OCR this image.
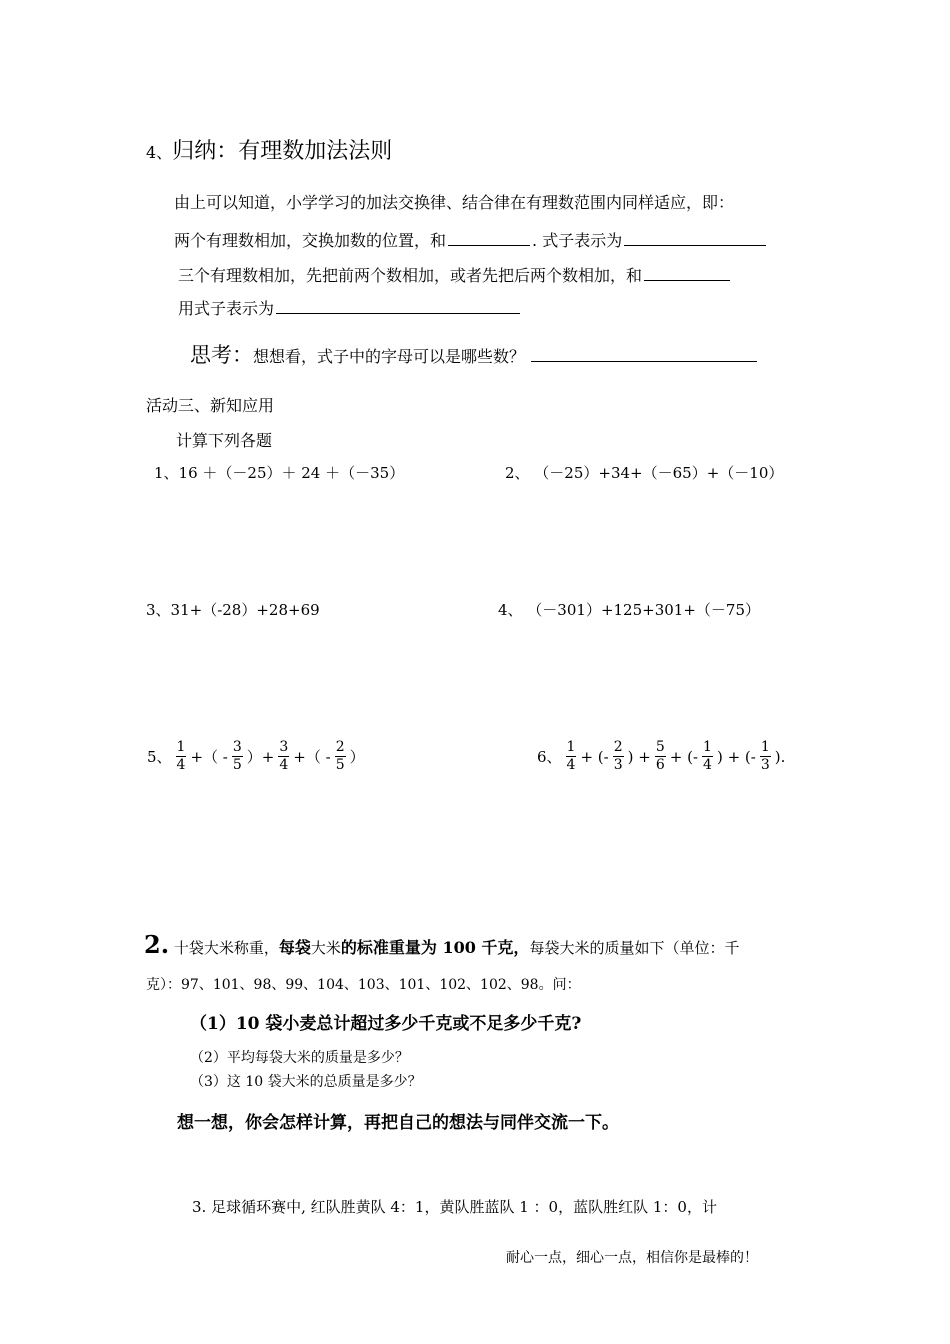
4、归纳：有理数加法法则
由上可以知道，小学学习的加法交换律、结合律在有理数范围内同样适应，即：
两个有理数相加，交换加数的位置，和	. 式子表示为
三个有理数相加，先把前两个数相加，或者先把后两个数相加，和
用式子表示为
思考：想想看，式子中的字母可以是哪些数？
活动三、新知应用
计算下列各题
1、16 ＋（－25）＋ 24 ＋（－35）	2、 （－25）+34+（－65）+（－10）
3、31+（-28）+28+69	4、 （－301）+125+301+（－75）
5、 $\frac{1}{4}$ +（ - $\frac{3}{5}$ ）+ $\frac{3}{4}$ +（ - $\frac{2}{5}$ ）	6、 $\frac{1}{4}$ + (- $\frac{2}{3}$ ) + $\frac{5}{6}$ + (- $\frac{1}{4}$ ) + (- $\frac{1}{3}$ ).
2. 十袋大米称重，每袋大米的标准重量为 100 千克，每袋大米的质量如下（单位：千
克）：97、101、98、99、104、103、101、102、102、98。问：
（1）10 袋小麦总计超过多少千克或不足多少千克?
（2）平均每袋大米的质量是多少？
（3）这 10 袋大米的总质量是多少？
想一想，你会怎样计算，再把自己的想法与同伴交流一下。
3. 足球循环赛中, 红队胜黄队 4：1，黄队胜蓝队 1 ：0，蓝队胜红队 1：0，计
耐心一点，细心一点，相信你是最棒的！
